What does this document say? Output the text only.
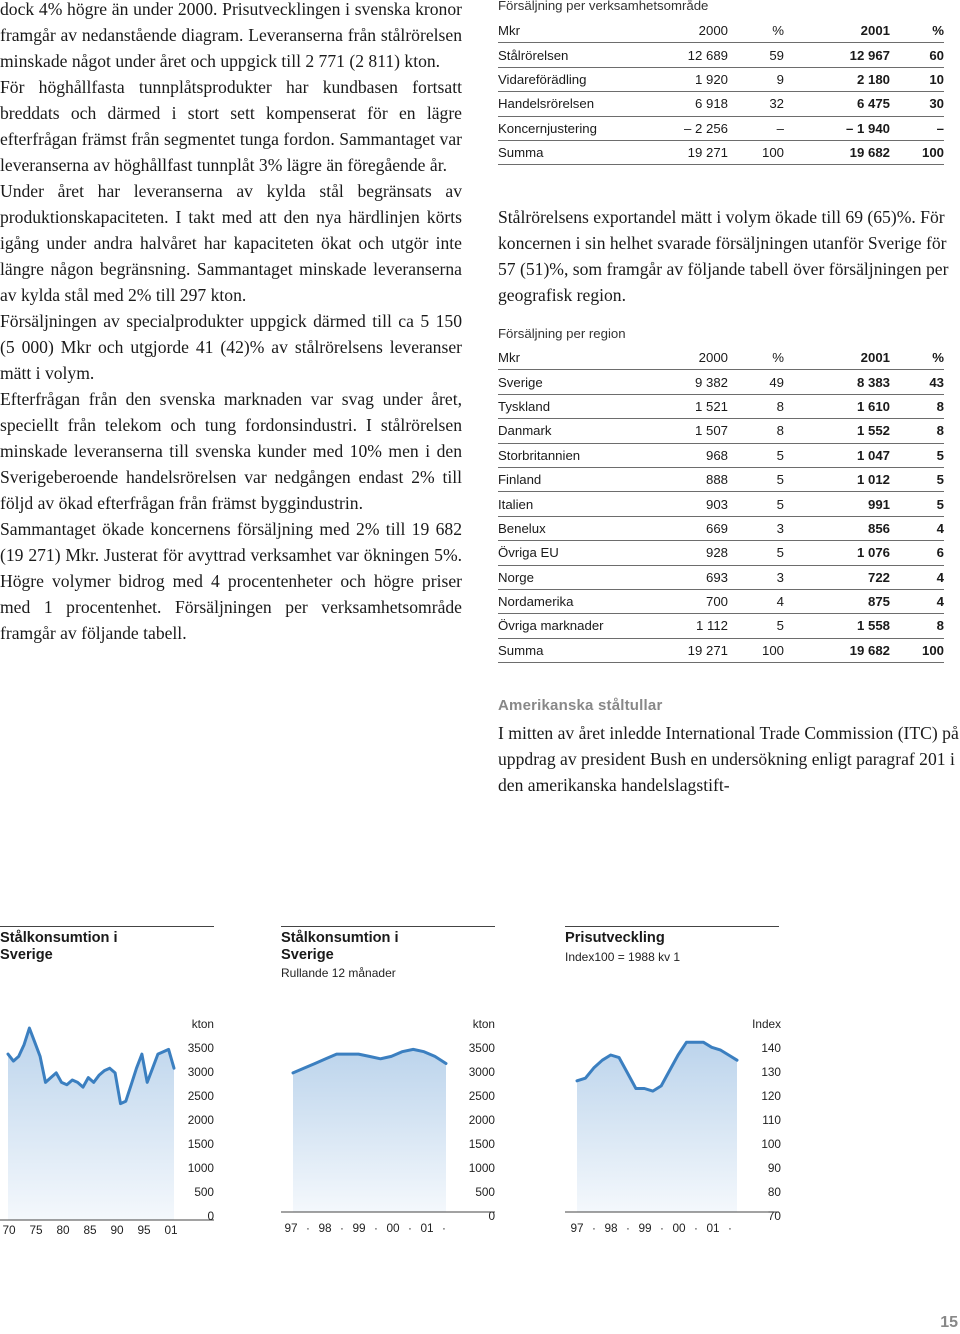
dock 4% högre än under 2000. Prisutvecklingen i svenska kronor framgår av nedanstående diagram. Leveranserna från stålrörelsen minskade något under året och uppgick till 2 771 (2 811) kton.

För höghållfasta tunnplåtsprodukter har kundbasen fortsatt breddats och därmed i stort sett kompenserat för en lägre efterfrågan främst från segmentet tunga fordon. Sammantaget var leveranserna av höghållfast tunnplåt 3% lägre än föregående år.

Under året har leveranserna av kylda stål begränsats av produktionskapaciteten. I takt med att den nya härdlinjen körts igång under andra halvåret har kapaciteten ökat och utgör inte längre någon begränsning. Sammantaget minskade leveranserna av kylda stål med 2% till 297 kton.

Försäljningen av specialprodukter uppgick därmed till ca 5 150 (5 000) Mkr och utgjorde 41 (42)% av stålrörelsens leveranser mätt i volym.

Efterfrågan från den svenska marknaden var svag under året, speciellt från telekom och tung fordonsindustri. I stålrörelsen minskade leveranserna till svenska kunder med 10% men i den Sverigeberoende handelsrörelsen var nedgången endast 2% till följd av ökad efterfrågan från främst byggindustrin.

Sammantaget ökade koncernens försäljning med 2% till 19 682 (19 271) Mkr. Justerat för avyttrad verksamhet var ökningen 5%. Högre volymer bidrog med 4 procentenheter och högre priser med 1 procentenhet. Försäljningen per verksamhetsområde framgår av följande tabell.

Försäljning per verksamhetsområde
Mkr	2000	%	2001	%
Stålrörelsen	12 689	59	12 967	60
Vidareförädling	1 920	9	2 180	10
Handelsrörelsen	6 918	32	6 475	30
Koncernjustering	– 2 256	–	– 1 940	–
Summa	19 271	100	19 682	100

Stålrörelsens exportandel mätt i volym ökade till 69 (65)%. För koncernen i sin helhet svarade försäljningen utanför Sverige för 57 (51)%, som framgår av följande tabell över försäljningen per geografisk region.

Försäljning per region
Mkr	2000	%	2001	%
Sverige	9 382	49	8 383	43
Tyskland	1 521	8	1 610	8
Danmark	1 507	8	1 552	8
Storbritannien	968	5	1 047	5
Finland	888	5	1 012	5
Italien	903	5	991	5
Benelux	669	3	856	4
Övriga EU	928	5	1 076	6
Norge	693	3	722	4
Nordamerika	700	4	875	4
Övriga marknader	1 112	5	1 558	8
Summa	19 271	100	19 682	100
Amerikanska ståltullar

I mitten av året inledde International Trade Commission (ITC) på uppdrag av president Bush en undersökning enligt paragraf 201 i den amerikanska handelslagstift-

Stålkonsumtion i Sverige
kton
3500
3000
2500
2000
1500
1000
500
0
70 75 80 85 90 95 01
Stålkonsumtion i Sverige
Rullande 12 månader
kton
3500
3000
2500
2000
1500
1000
500
0
97 · 98 · 99 · 00 · 01 ·
Prisutveckling
Index100 = 1988 kv 1
Index
140
130
120
110
100
90
80
70
97 · 98 · 99 · 00 · 01 ·
15
